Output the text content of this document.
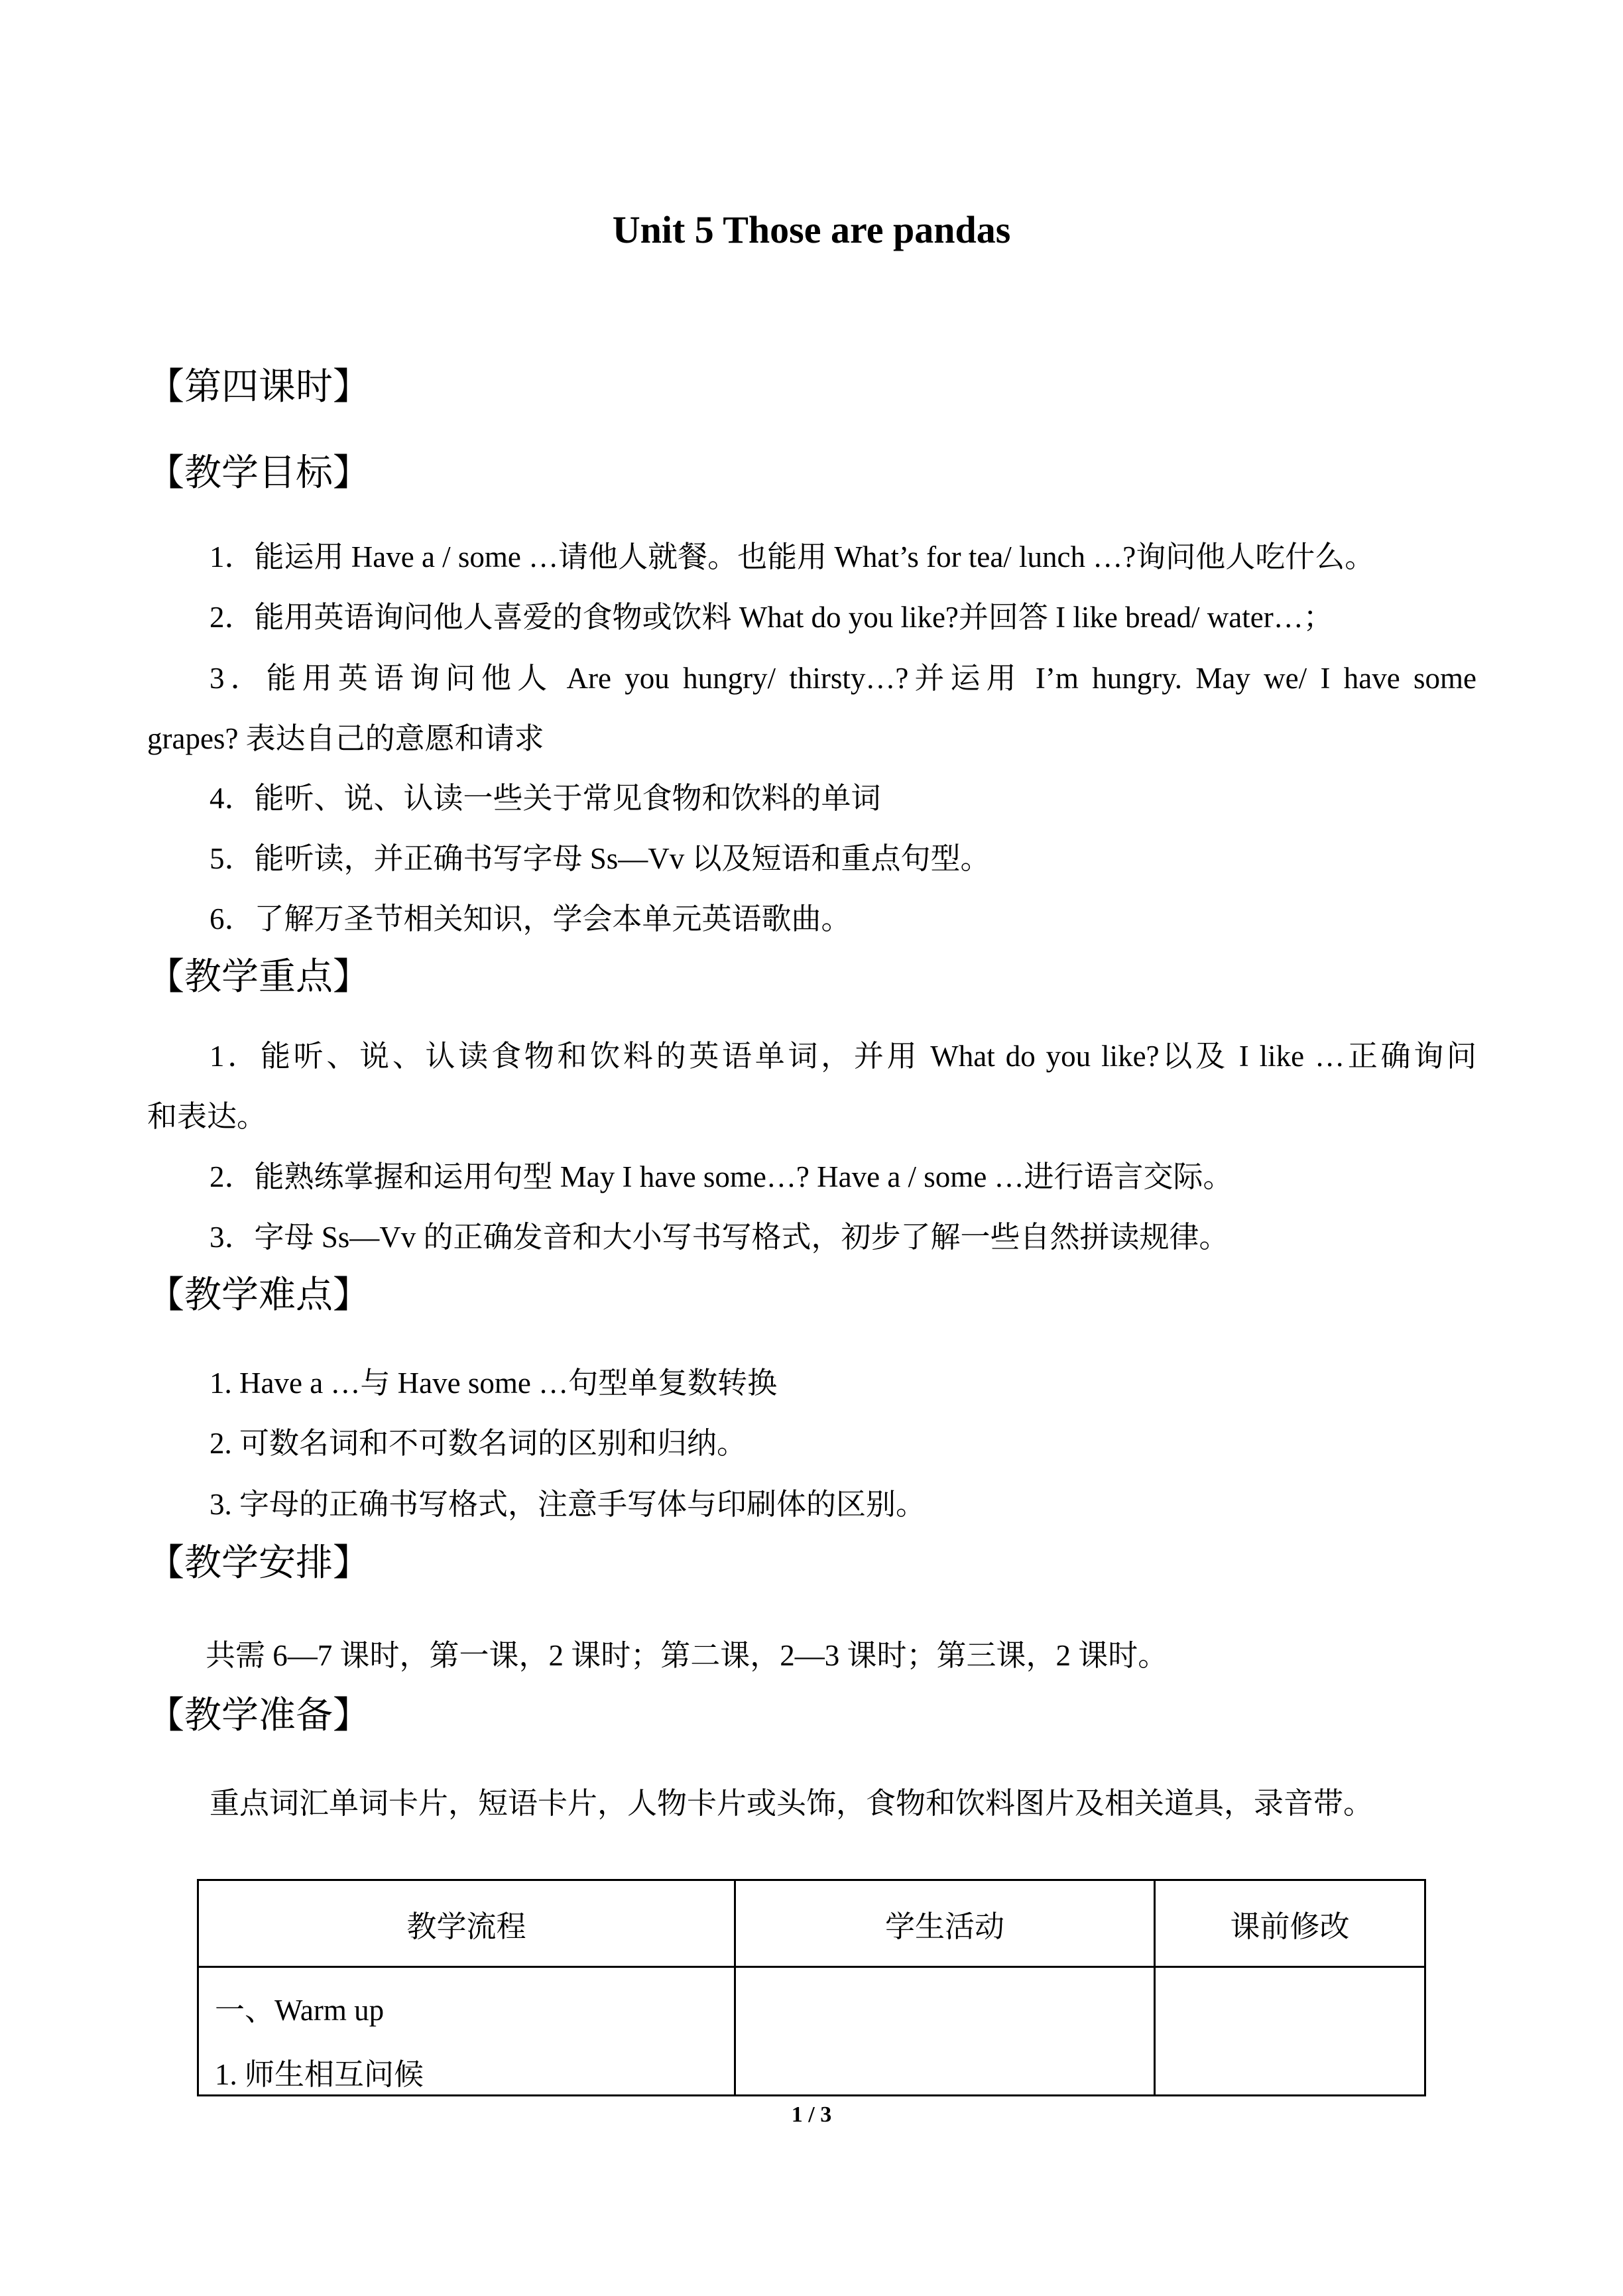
Unit 5 Those are pandas
【第四课时】
【教学目标】
1．能运用 Have a / some …请他人就餐。也能用 What’s for tea/ lunch …?询问他人吃什么。
2．能用英语询问他人喜爱的食物或饮料 What do you like?并回答 I like bread/ water…；
3．能用英语询问他人 Are you hungry/ thirsty…?并运用 I’m hungry. May we/ I have some
grapes? 表达自己的意愿和请求
4．能听、说、认读一些关于常见食物和饮料的单词
5．能听读，并正确书写字母 Ss—Vv 以及短语和重点句型。
6．了解万圣节相关知识，学会本单元英语歌曲。
【教学重点】
1．能听、说、认读食物和饮料的英语单词，并用 What do you like?以及 I like …正确询问
和表达。
2．能熟练掌握和运用句型 May I have some…? Have a / some …进行语言交际。
3．字母 Ss—Vv 的正确发音和大小写书写格式，初步了解一些自然拼读规律。
【教学难点】
1. Have a …与 Have some …句型单复数转换
2. 可数名词和不可数名词的区别和归纳。
3. 字母的正确书写格式，注意手写体与印刷体的区别。
【教学安排】
共需 6—7 课时，第一课，2 课时；第二课，2—3 课时；第三课，2 课时。
【教学准备】
重点词汇单词卡片，短语卡片，人物卡片或头饰，食物和饮料图片及相关道具，录音带。
教学流程	学生活动	课前修改

一、Warm up
1. 师生相互问候		

1 / 3
